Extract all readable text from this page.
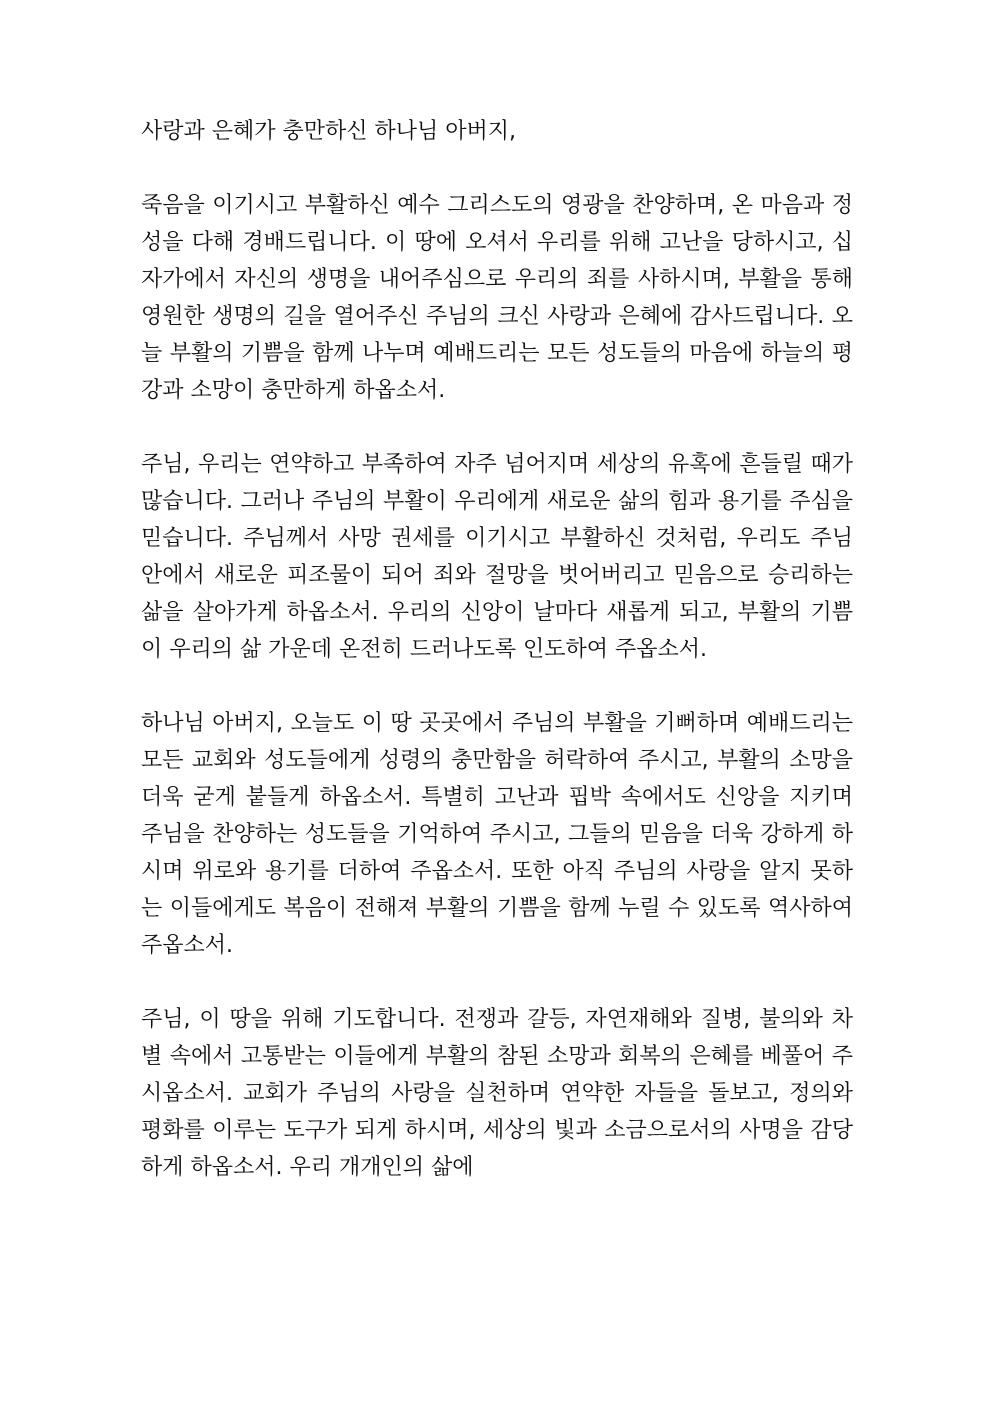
사랑과 은혜가 충만하신 하나님 아버지,

죽음을 이기시고 부활하신 예수 그리스도의 영광을 찬양하며, 온 마음과 정성을 다해 경배드립니다. 이 땅에 오셔서 우리를 위해 고난을 당하시고, 십자가에서 자신의 생명을 내어주심으로 우리의 죄를 사하시며, 부활을 통해 영원한 생명의 길을 열어주신 주님의 크신 사랑과 은혜에 감사드립니다. 오늘 부활의 기쁨을 함께 나누며 예배드리는 모든 성도들의 마음에 하늘의 평강과 소망이 충만하게 하옵소서.

주님, 우리는 연약하고 부족하여 자주 넘어지며 세상의 유혹에 흔들릴 때가 많습니다. 그러나 주님의 부활이 우리에게 새로운 삶의 힘과 용기를 주심을 믿습니다. 주님께서 사망 권세를 이기시고 부활하신 것처럼, 우리도 주님 안에서 새로운 피조물이 되어 죄와 절망을 벗어버리고 믿음으로 승리하는 삶을 살아가게 하옵소서. 우리의 신앙이 날마다 새롭게 되고, 부활의 기쁨이 우리의 삶 가운데 온전히 드러나도록 인도하여 주옵소서.

하나님 아버지, 오늘도 이 땅 곳곳에서 주님의 부활을 기뻐하며 예배드리는 모든 교회와 성도들에게 성령의 충만함을 허락하여 주시고, 부활의 소망을 더욱 굳게 붙들게 하옵소서. 특별히 고난과 핍박 속에서도 신앙을 지키며 주님을 찬양하는 성도들을 기억하여 주시고, 그들의 믿음을 더욱 강하게 하시며 위로와 용기를 더하여 주옵소서. 또한 아직 주님의 사랑을 알지 못하는 이들에게도 복음이 전해져 부활의 기쁨을 함께 누릴 수 있도록 역사하여 주옵소서.

주님, 이 땅을 위해 기도합니다. 전쟁과 갈등, 자연재해와 질병, 불의와 차별 속에서 고통받는 이들에게 부활의 참된 소망과 회복의 은혜를 베풀어 주시옵소서. 교회가 주님의 사랑을 실천하며 연약한 자들을 돌보고, 정의와 평화를 이루는 도구가 되게 하시며, 세상의 빛과 소금으로서의 사명을 감당하게 하옵소서. 우리 개개인의 삶에
